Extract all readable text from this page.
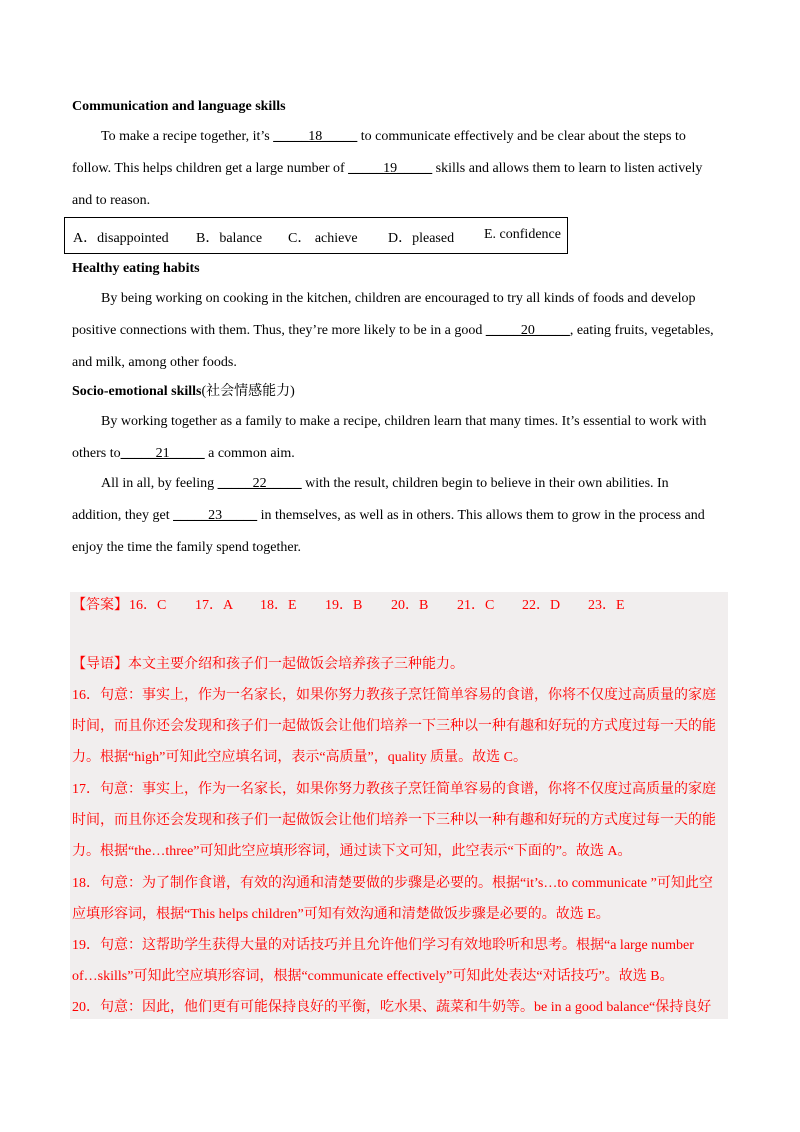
Communication and language skills
To make a recipe together, it’s _____18_____ to communicate effectively and be clear about the steps to
follow. This helps children get a large number of _____19_____ skills and allows them to learn to listen actively
and to reason.
A．disappointed B．balance C． achieve D．pleased E. confidence
Healthy eating habits
By being working on cooking in the kitchen, children are encouraged to try all kinds of foods and develop
positive connections with them. Thus, they’re more likely to be in a good _____20_____, eating fruits, vegetables,
and milk, among other foods.
Socio-emotional skills(社会情感能力)
By working together as a family to make a recipe, children learn that many times. It’s essential to work with
others to_____21_____ a common aim.
All in all, by feeling _____22_____ with the result, children begin to believe in their own abilities. In
addition, they get _____23_____ in themselves, as well as in others. This allows them to grow in the process and
enjoy the time the family spend together.
【答案】 16．C 17．A 18．E 19．B 20．B 21．C 22．D 23．E
【导语】本文主要介绍和孩子们一起做饭会培养孩子三种能力。
16．句意：事实上，作为一名家长，如果你努力教孩子烹饪简单容易的食谱，你将不仅度过高质量的家庭
时间，而且你还会发现和孩子们一起做饭会让他们培养一下三种以一种有趣和好玩的方式度过每一天的能
力。根据“high”可知此空应填名词，表示“高质量”，quality 质量。故选 C。
17．句意：事实上，作为一名家长，如果你努力教孩子烹饪简单容易的食谱，你将不仅度过高质量的家庭
时间，而且你还会发现和孩子们一起做饭会让他们培养一下三种以一种有趣和好玩的方式度过每一天的能
力。根据“the…three”可知此空应填形容词，通过读下文可知，此空表示“下面的”。故选 A。
18．句意：为了制作食谱，有效的沟通和清楚要做的步骤是必要的。根据“it’s…to communicate ”可知此空
应填形容词，根据“This helps children”可知有效沟通和清楚做饭步骤是必要的。故选 E。
19．句意：这帮助学生获得大量的对话技巧并且允许他们学习有效地聆听和思考。根据“a large number
of…skills”可知此空应填形容词，根据“communicate effectively”可知此处表达“对话技巧”。故选 B。
20．句意：因此，他们更有可能保持良好的平衡，吃水果、蔬菜和牛奶等。be in a good balance“保持良好
